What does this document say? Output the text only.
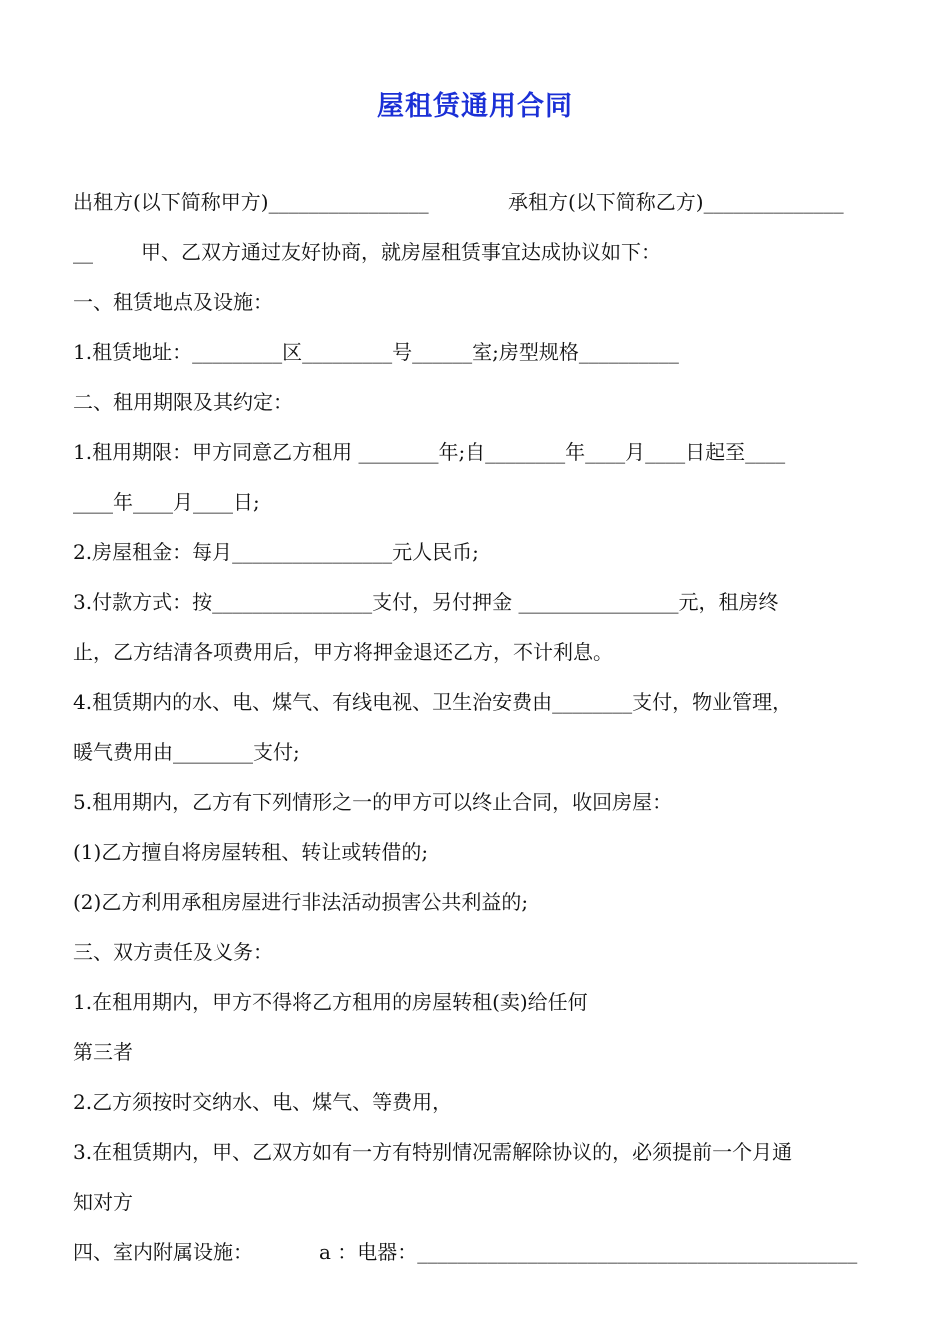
屋租赁通用合同
出租方(以下简称甲方)________________	承租方(以下简称乙方)______________
__ 甲、乙双方通过友好协商，就房屋租赁事宜达成协议如下：
一、租赁地点及设施：
1.租赁地址：_________区_________号______室;房型规格__________
二、租用期限及其约定：
1.租用期限：甲方同意乙方租用 ________年;自________年____月____日起至____
____年____月____日;
2.房屋租金：每月________________元人民币;
3.付款方式：按________________支付，另付押金 ________________元，租房终
止，乙方结清各项费用后，甲方将押金退还乙方，不计利息。
4.租赁期内的水、电、煤气、有线电视、卫生治安费由________支付，物业管理，
暖气费用由________支付;
5.租用期内，乙方有下列情形之一的甲方可以终止合同，收回房屋：
(1)乙方擅自将房屋转租、转让或转借的;
(2)乙方利用承租房屋进行非法活动损害公共利益的;
三、双方责任及义务：
1.在租用期内，甲方不得将乙方租用的房屋转租(卖)给任何
第三者
2.乙方须按时交纳水、电、煤气、等费用，
3.在租赁期内，甲、乙双方如有一方有特别情况需解除协议的，必须提前一个月通
知对方
四、室内附属设施：	a ：电器：____________________________________________
